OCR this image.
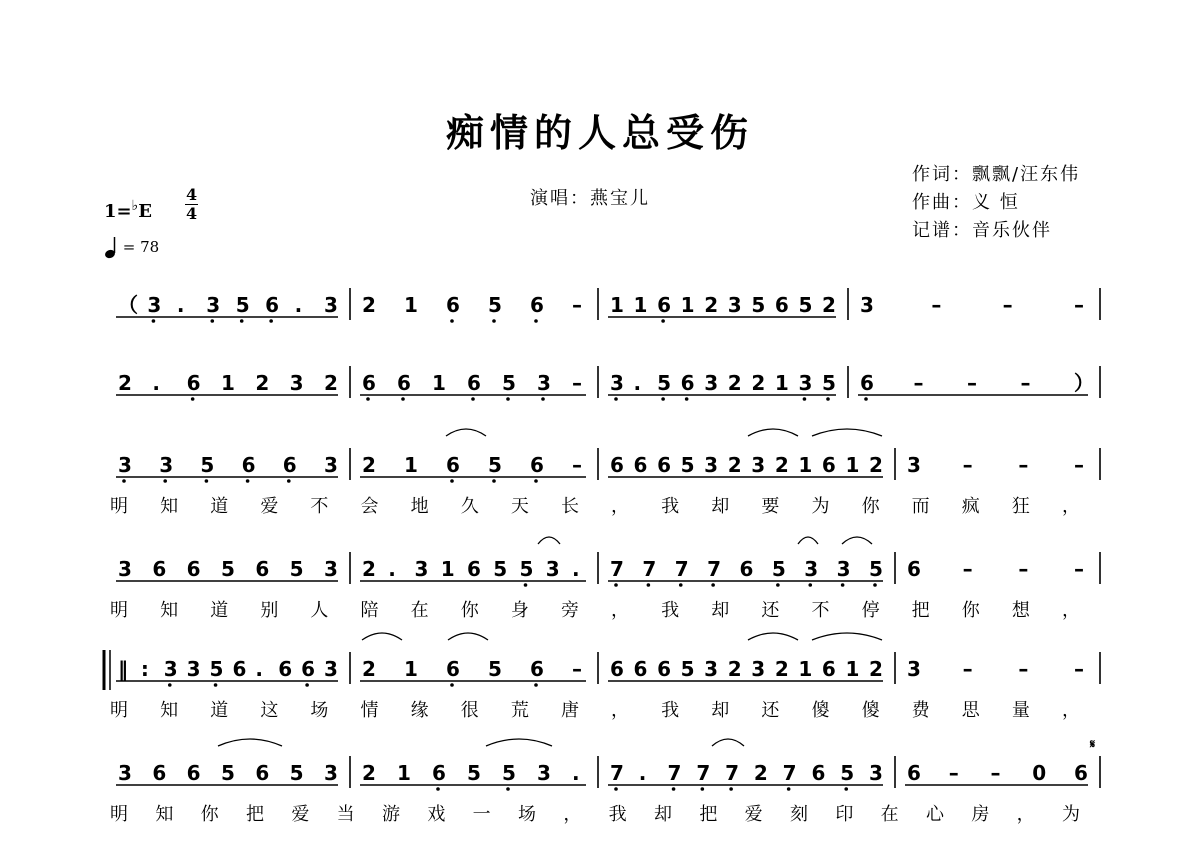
痴情的人总受伤
作词：飘飘/汪东伟
作曲：义 恒
记谱：音乐伙伴
演唱：燕宝儿
1=♭E
4
4
= 78
（ 3 . 3 5 6 . 3 2 1 6 5 6 – 1 1 6 1 2 3 5 6 5 2 3	–	–	–
2 . 6 1 2 3 2 6 6 1 6 5 3 – 3 . 5 6 3 2 2 1 3 5 6 – – – ）
3 3 5 6 6 3 2 1 6 5 6 – 6 6 6 5 3 2 3 2 1 6 1 2 3 – – –
明 知 道 爱 不 会 地 久 天 长 ， 我 却 要 为 你 而 疯 狂 ，
3 6 6 5 6 5 3 2 . 3 1 6 5 5 3 . 7 7 7 7 6 5 3 3 5 6 – – –
明 知 道 别 人 陪 在 你 身 旁 ， 我 却 还 不 停 把 你 想 ，
‖ : 3 3 5 6 . 6 6 3 2 1 6 5 6 – 6 6 6 5 3 2 3 2 1 6 1 2 3 – – –
明 知 道 这 场 情 缘 很 荒 唐 ， 我 却 还 傻 傻 费 思 量 ，
3 6 6 5 6 5 3 2 1 6 5 5 3 . 7 . 7 7 7 2 7 6 5 3 6 – – 0 6
明 知 你 把 爱 当 游 戏 一 场 ， 我 却 把 爱 刻 印 在 心 房 ， 为
𝄋
